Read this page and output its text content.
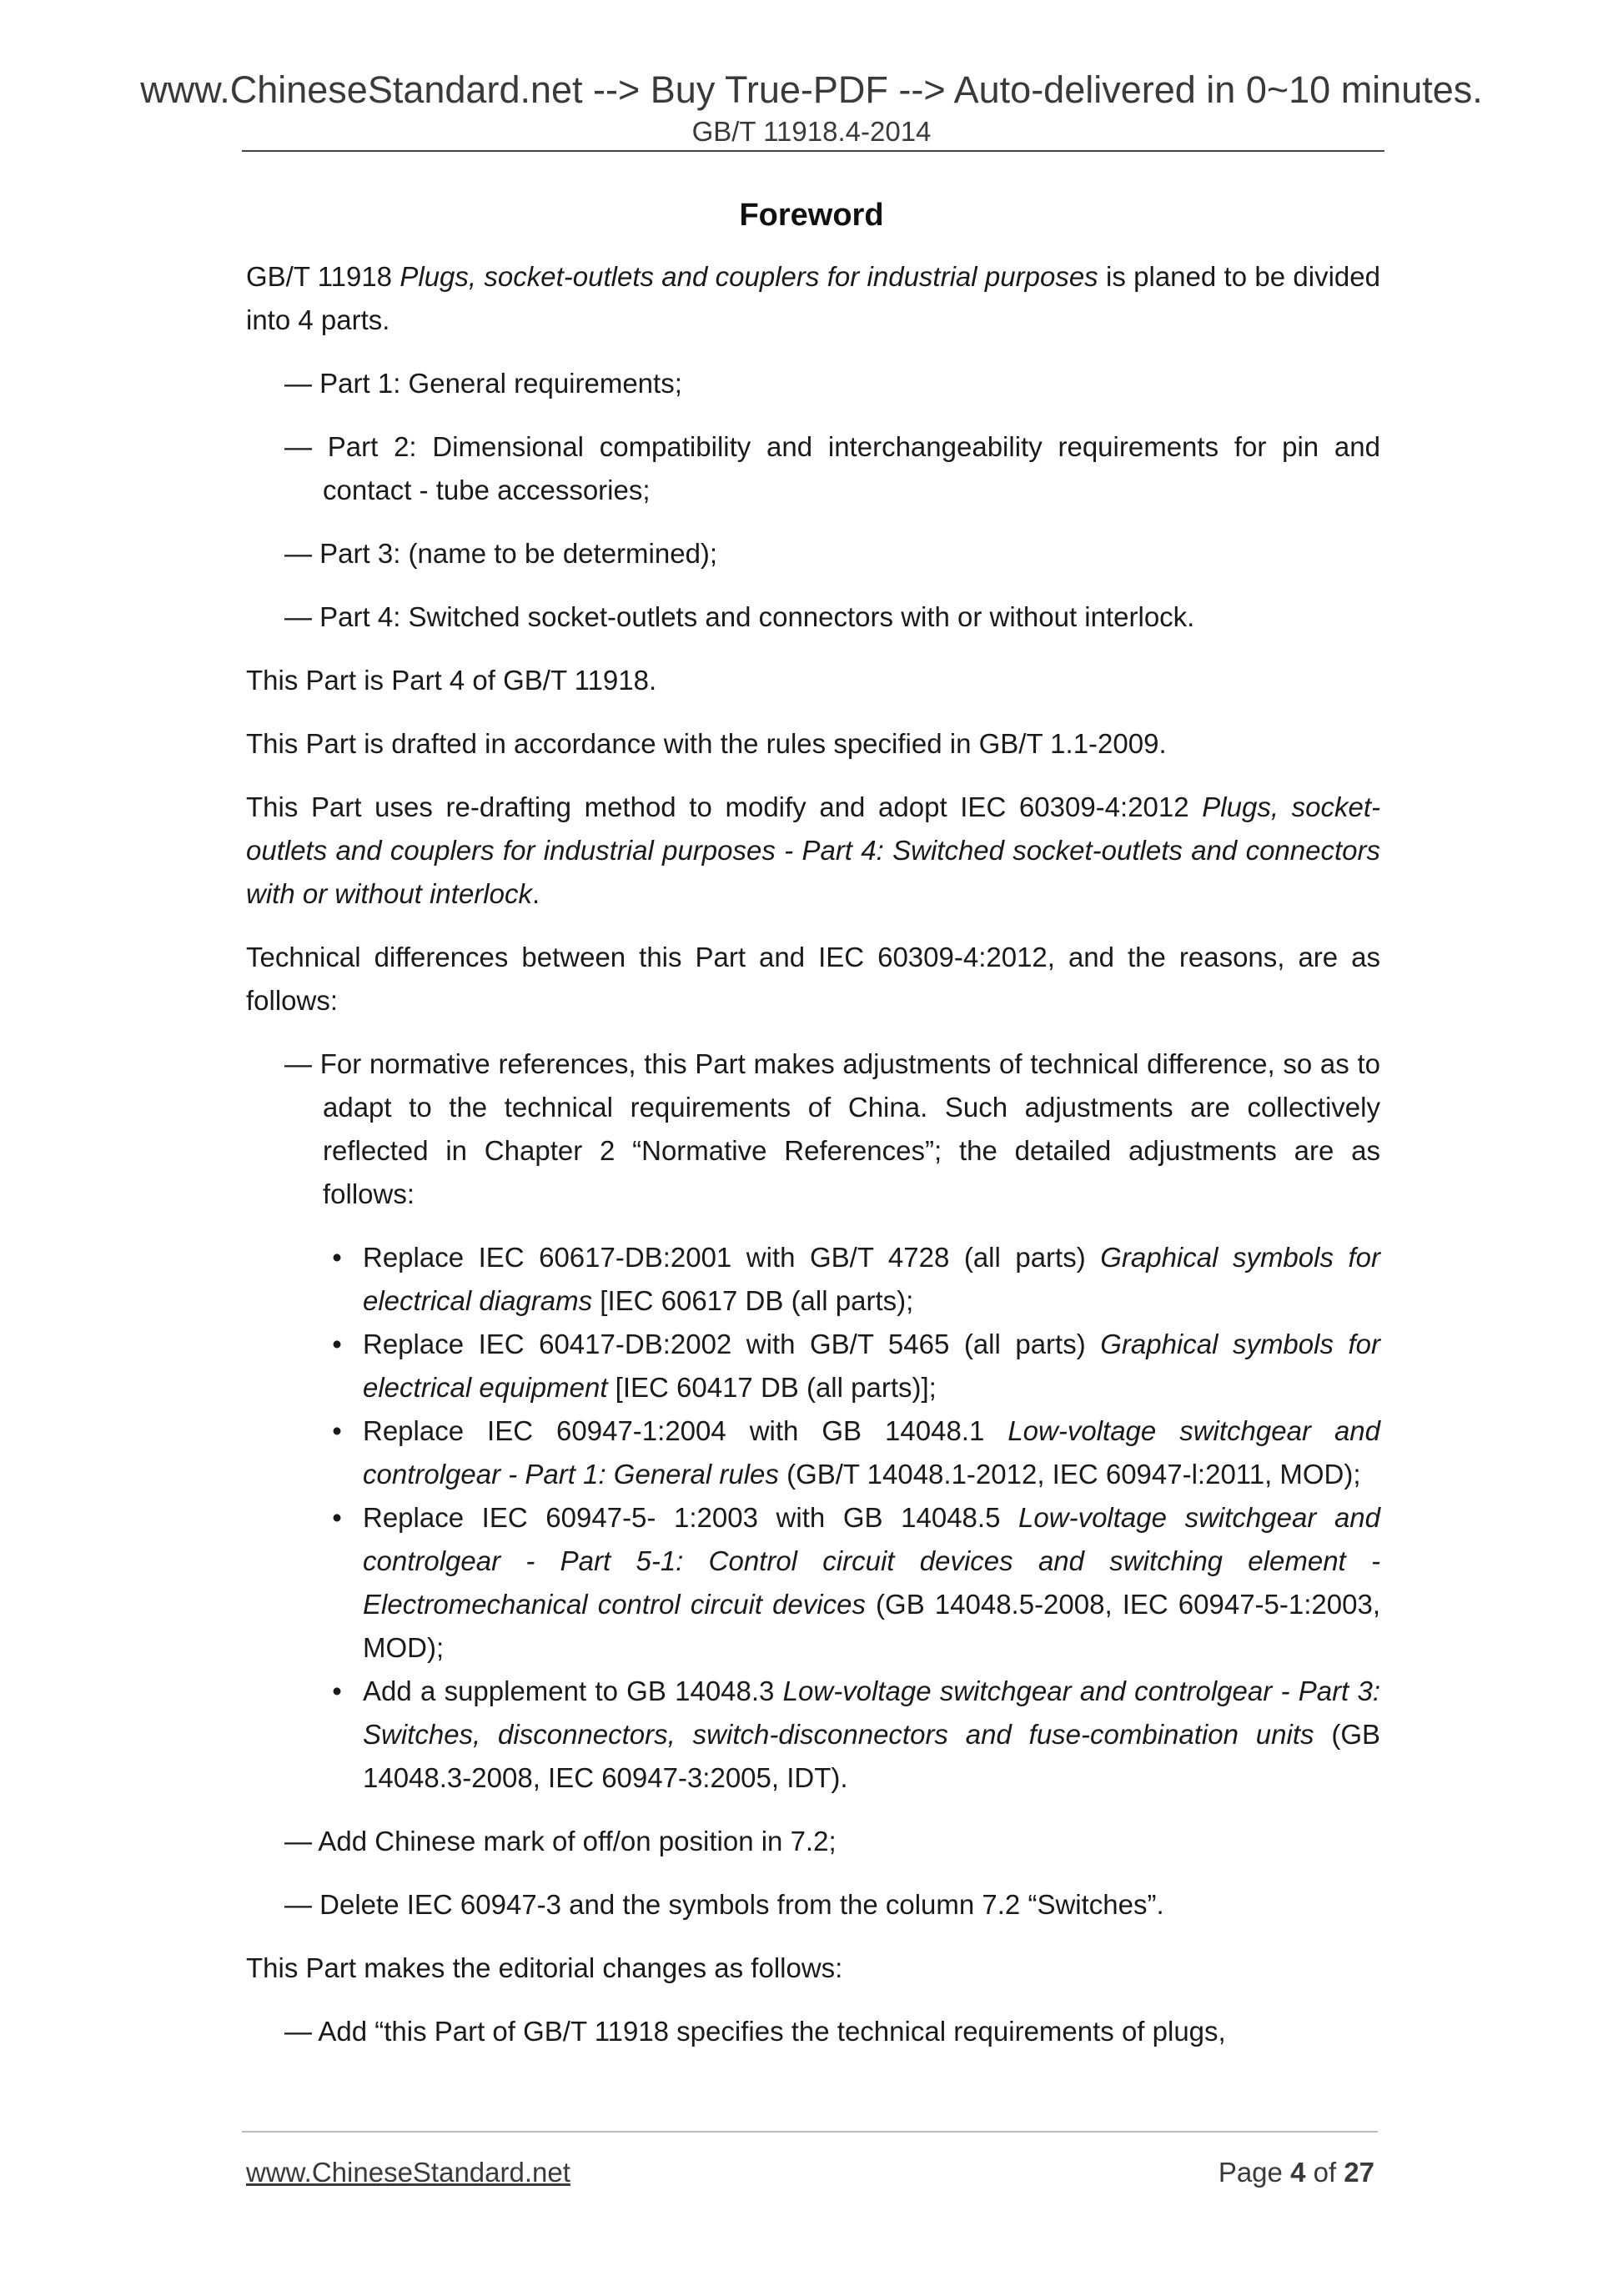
www.ChineseStandard.net --> Buy True-PDF --> Auto-delivered in 0~10 minutes.
GB/T 11918.4-2014
Foreword

GB/T 11918 Plugs, socket-outlets and couplers for industrial purposes is planed to be divided into 4 parts.

— Part 1: General requirements;

— Part 2: Dimensional compatibility and interchangeability requirements for pin and contact - tube accessories;

— Part 3: (name to be determined);

— Part 4: Switched socket-outlets and connectors with or without interlock.

This Part is Part 4 of GB/T 11918.

This Part is drafted in accordance with the rules specified in GB/T 1.1-2009.

This Part uses re-drafting method to modify and adopt IEC 60309-4:2012 Plugs, socket-outlets and couplers for industrial purposes - Part 4: Switched socket-outlets and connectors with or without interlock.

Technical differences between this Part and IEC 60309-4:2012, and the reasons, are as follows:

— For normative references, this Part makes adjustments of technical difference, so as to adapt to the technical requirements of China. Such adjustments are collectively reflected in Chapter 2 “Normative References”; the detailed adjustments are as follows:

• Replace IEC 60617-DB:2001 with GB/T 4728 (all parts) Graphical symbols for electrical diagrams [IEC 60617 DB (all parts);
• Replace IEC 60417-DB:2002 with GB/T 5465 (all parts) Graphical symbols for electrical equipment [IEC 60417 DB (all parts)];
• Replace IEC 60947-1:2004 with GB 14048.1 Low-voltage switchgear and controlgear - Part 1: General rules (GB/T 14048.1-2012, IEC 60947-l:2011, MOD);
• Replace IEC 60947-5- 1:2003 with GB 14048.5 Low-voltage switchgear and controlgear - Part 5-1: Control circuit devices and switching element - Electromechanical control circuit devices (GB 14048.5-2008, IEC 60947-5-1:2003, MOD);
• Add a supplement to GB 14048.3 Low-voltage switchgear and controlgear - Part 3: Switches, disconnectors, switch-disconnectors and fuse-combination units (GB 14048.3-2008, IEC 60947-3:2005, IDT).

— Add Chinese mark of off/on position in 7.2;

— Delete IEC 60947-3 and the symbols from the column 7.2 “Switches”.

This Part makes the editorial changes as follows:

— Add “this Part of GB/T 11918 specifies the technical requirements of plugs,

www.ChineseStandard.net	Page 4 of 27
